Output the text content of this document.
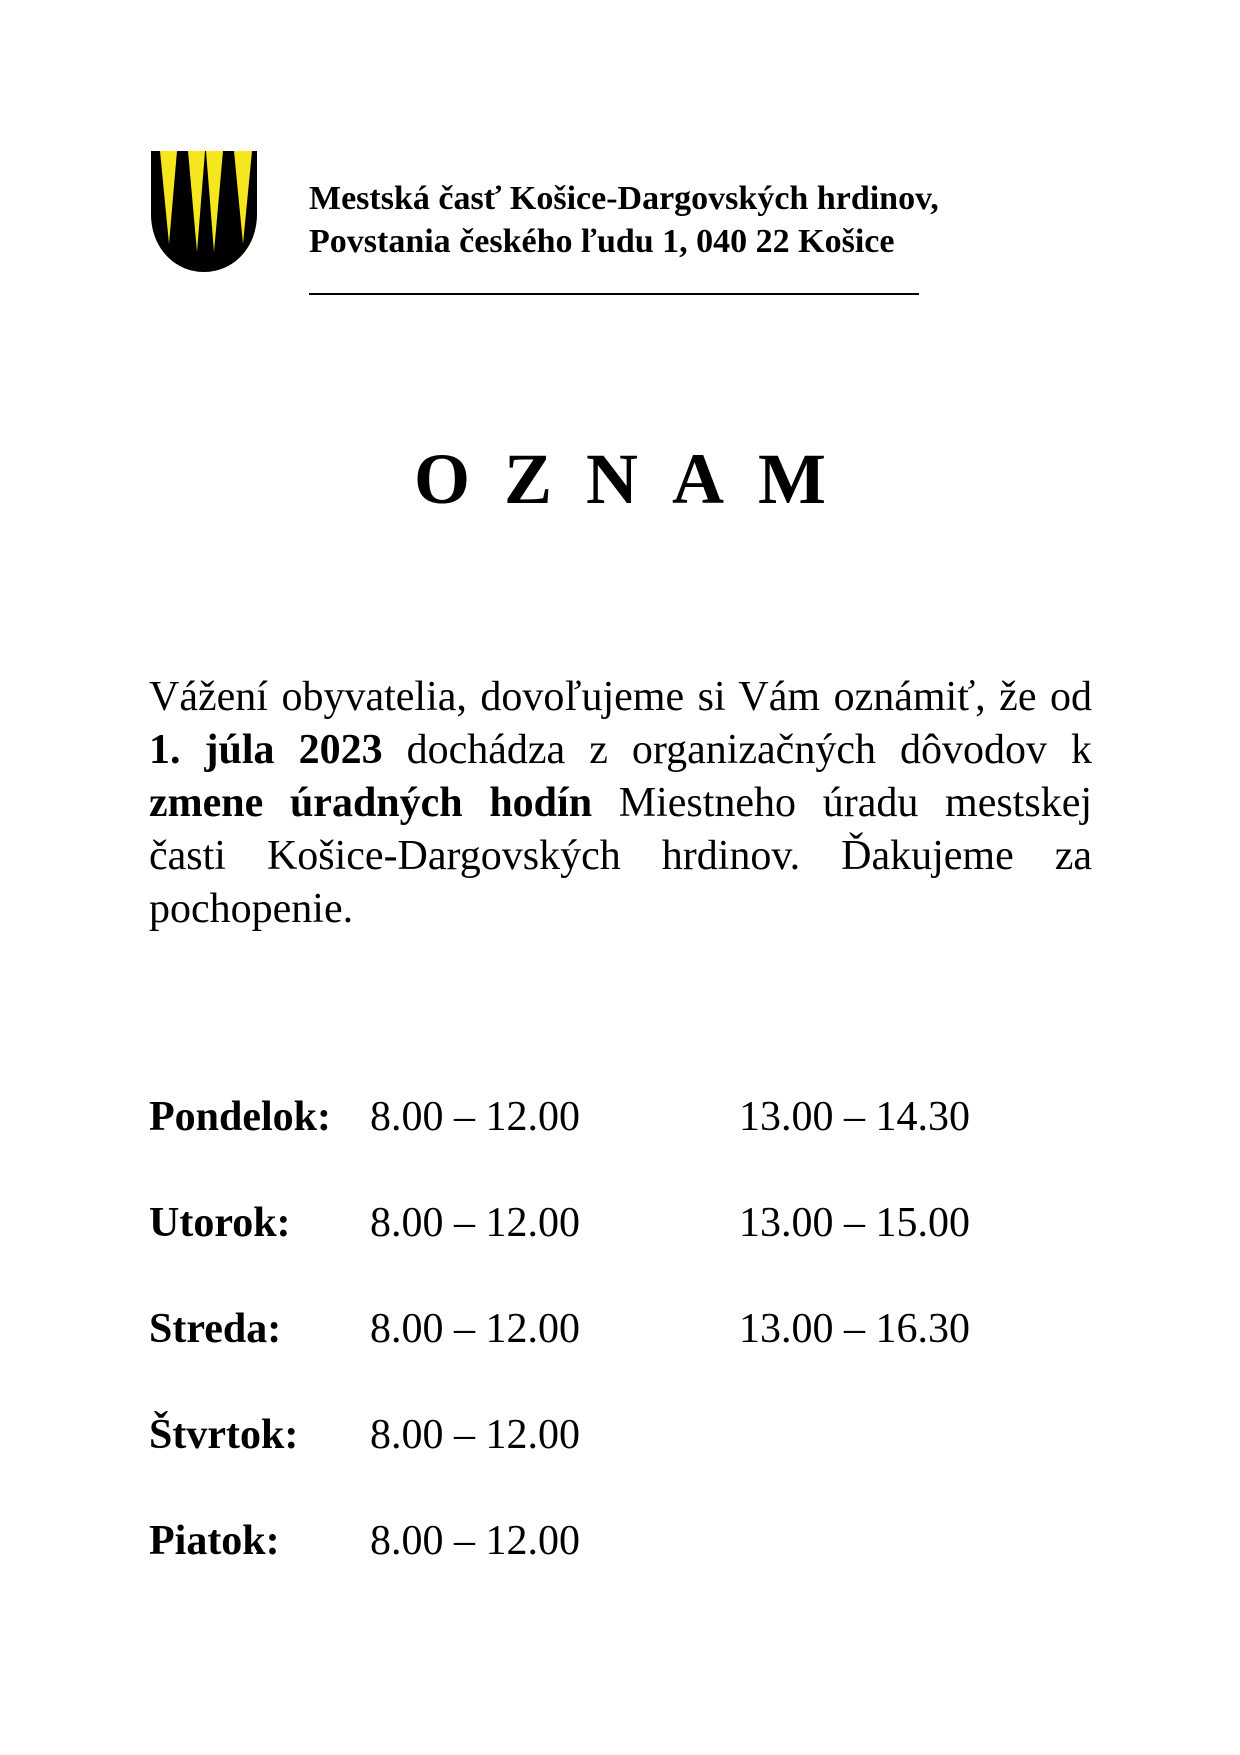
Mestská časť Košice-Dargovských hrdinov,
Povstania českého ľudu 1, 040 22 Košice
OZNAM
Vážení obyvatelia, dovoľujeme si Vám oznámiť, že od 1. júla 2023 dochádza z organizačných dôvodov k zmene úradných hodín Miestneho úradu mestskej časti Košice-Dargovských hrdinov. Ďakujeme za pochopenie.
Pondelok: 8.00 – 12.00	13.00 – 14.30
Utorok: 8.00 – 12.00	13.00 – 15.00
Streda: 8.00 – 12.00	13.00 – 16.30
Štvrtok: 8.00 – 12.00
Piatok: 8.00 – 12.00
